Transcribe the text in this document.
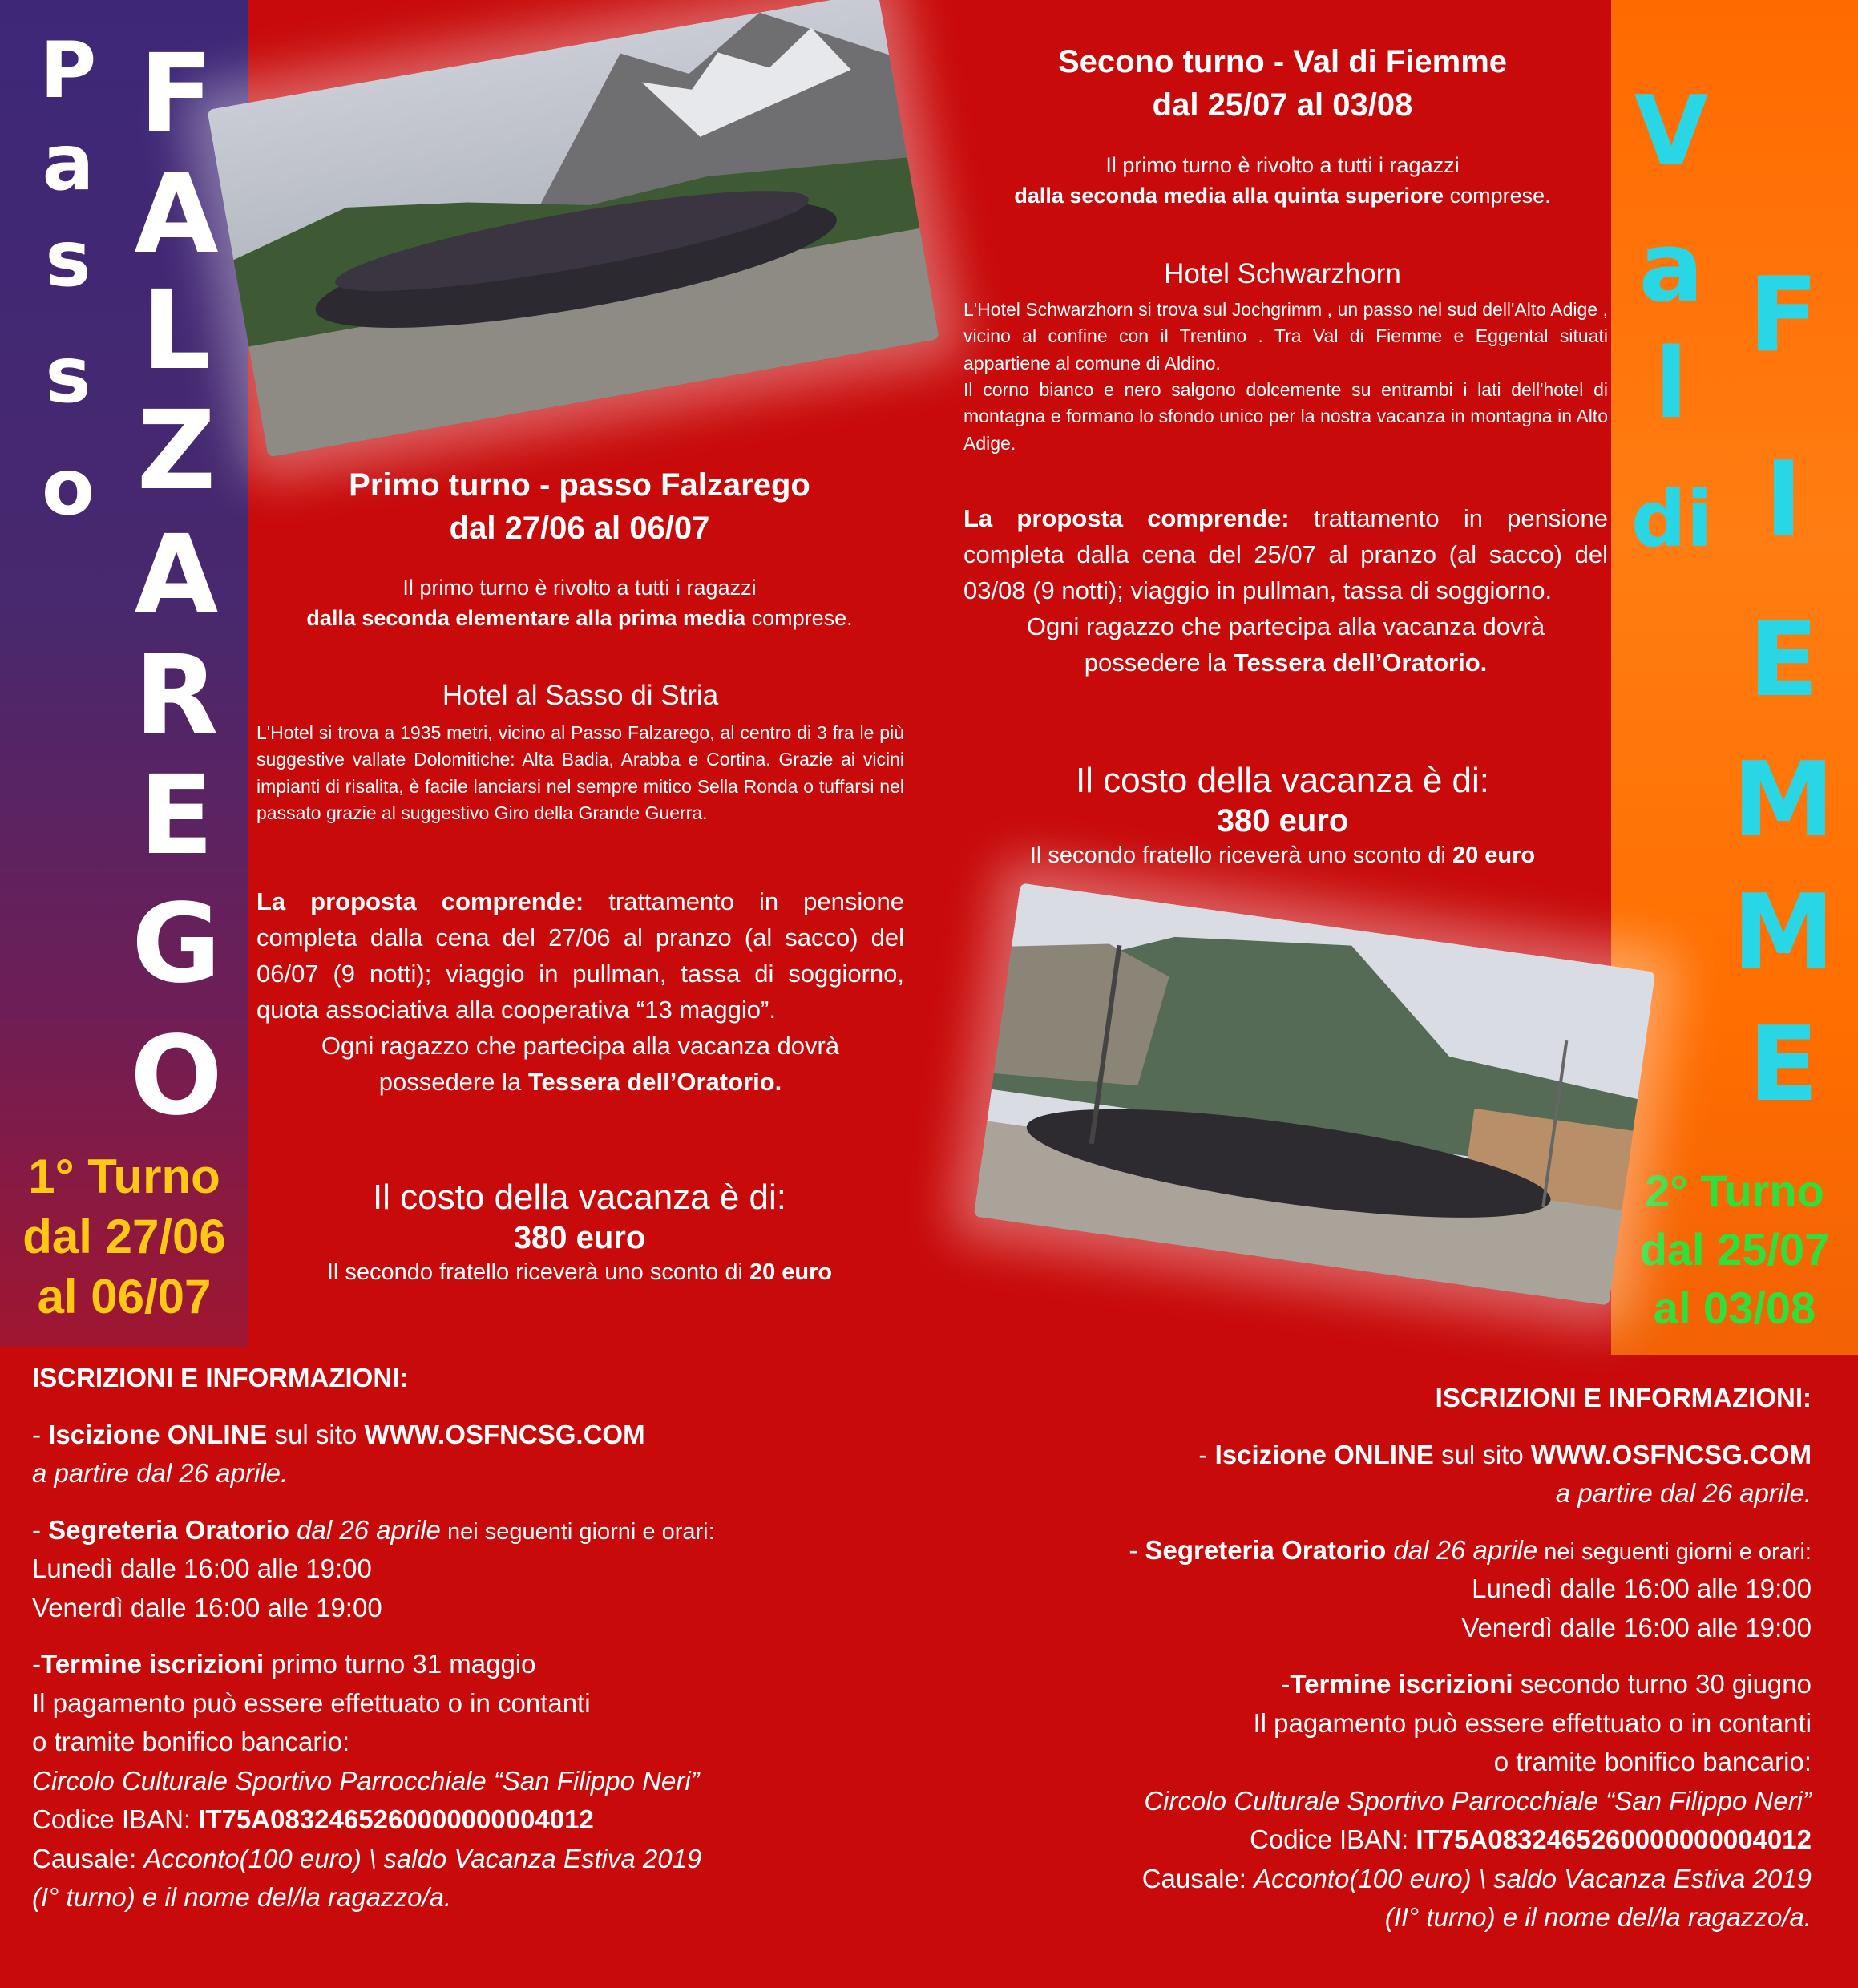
P
a
s
s
o
F
A
L
Z
A
R
E
G
O
1° Turno
dal 27/06
al 06/07
V
a
l
di
F
I
E
M
M
E
2° Turno
dal 25/07
al 03/08
Primo turno - passo Falzarego
dal 27/06 al 06/07

Il primo turno è rivolto a tutti i ragazzi

dalla seconda elementare alla prima media comprese.

Hotel al Sasso di Stria

L'Hotel si trova a 1935 metri, vicino al Passo Falzarego, al centro di 3 fra le più suggestive vallate Dolomitiche: Alta Badia, Arabba e Cortina. Grazie ai vicini impianti di risalita, è facile lanciarsi nel sempre mitico Sella Ronda o tuffarsi nel passato grazie al suggestivo Giro della Grande Guerra.

La proposta comprende: trattamento in pensione completa dalla cena del 27/06 al pranzo (al sacco) del 06/07 (9 notti); viaggio in pullman, tassa di soggiorno, quota associativa alla cooperativa “13 maggio”.

Ogni ragazzo che partecipa alla vacanza dovrà

possedere la Tessera dell’Oratorio.

Il costo della vacanza è di:

380 euro

Il secondo fratello riceverà uno sconto di 20 euro

Secono turno - Val di Fiemme
dal 25/07 al 03/08

Il primo turno è rivolto a tutti i ragazzi

dalla seconda media alla quinta superiore comprese.

Hotel Schwarzhorn

L'Hotel Schwarzhorn si trova sul Jochgrimm , un passo nel sud dell'Alto Adige , vicino al confine con il Trentino . Tra Val di Fiemme e Eggental situati appartiene al comune di Aldino.

Il corno bianco e nero salgono dolcemente su entrambi i lati dell'hotel di montagna e formano lo sfondo unico per la nostra vacanza in montagna in Alto Adige.

La proposta comprende: trattamento in pensione completa dalla cena del 25/07 al pranzo (al sacco) del 03/08 (9 notti); viaggio in pullman, tassa di soggiorno.

Ogni ragazzo che partecipa alla vacanza dovrà

possedere la Tessera dell’Oratorio.

Il costo della vacanza è di:

380 euro

Il secondo fratello riceverà uno sconto di 20 euro

ISCRIZIONI E INFORMAZIONI:

- Iscizione ONLINE sul sito WWW.OSFNCSG.COM

a partire dal 26 aprile.

- Segreteria Oratorio dal 26 aprile nei seguenti giorni e orari:

Lunedì dalle 16:00 alle 19:00

Venerdì dalle 16:00 alle 19:00

-Termine iscrizioni primo turno 31 maggio

Il pagamento può essere effettuato o in contanti

o tramite bonifico bancario:

Circolo Culturale Sportivo Parrocchiale “San Filippo Neri”

Codice IBAN: IT75A0832465260000000004012

Causale: Acconto(100 euro) \ saldo Vacanza Estiva 2019

(I° turno) e il nome del/la ragazzo/a.

ISCRIZIONI E INFORMAZIONI:

- Iscizione ONLINE sul sito WWW.OSFNCSG.COM

a partire dal 26 aprile.

- Segreteria Oratorio dal 26 aprile nei seguenti giorni e orari:

Lunedì dalle 16:00 alle 19:00

Venerdì dalle 16:00 alle 19:00

-Termine iscrizioni secondo turno 30 giugno

Il pagamento può essere effettuato o in contanti

o tramite bonifico bancario:

Circolo Culturale Sportivo Parrocchiale “San Filippo Neri”

Codice IBAN: IT75A0832465260000000004012

Causale: Acconto(100 euro) \ saldo Vacanza Estiva 2019

(II° turno) e il nome del/la ragazzo/a.
